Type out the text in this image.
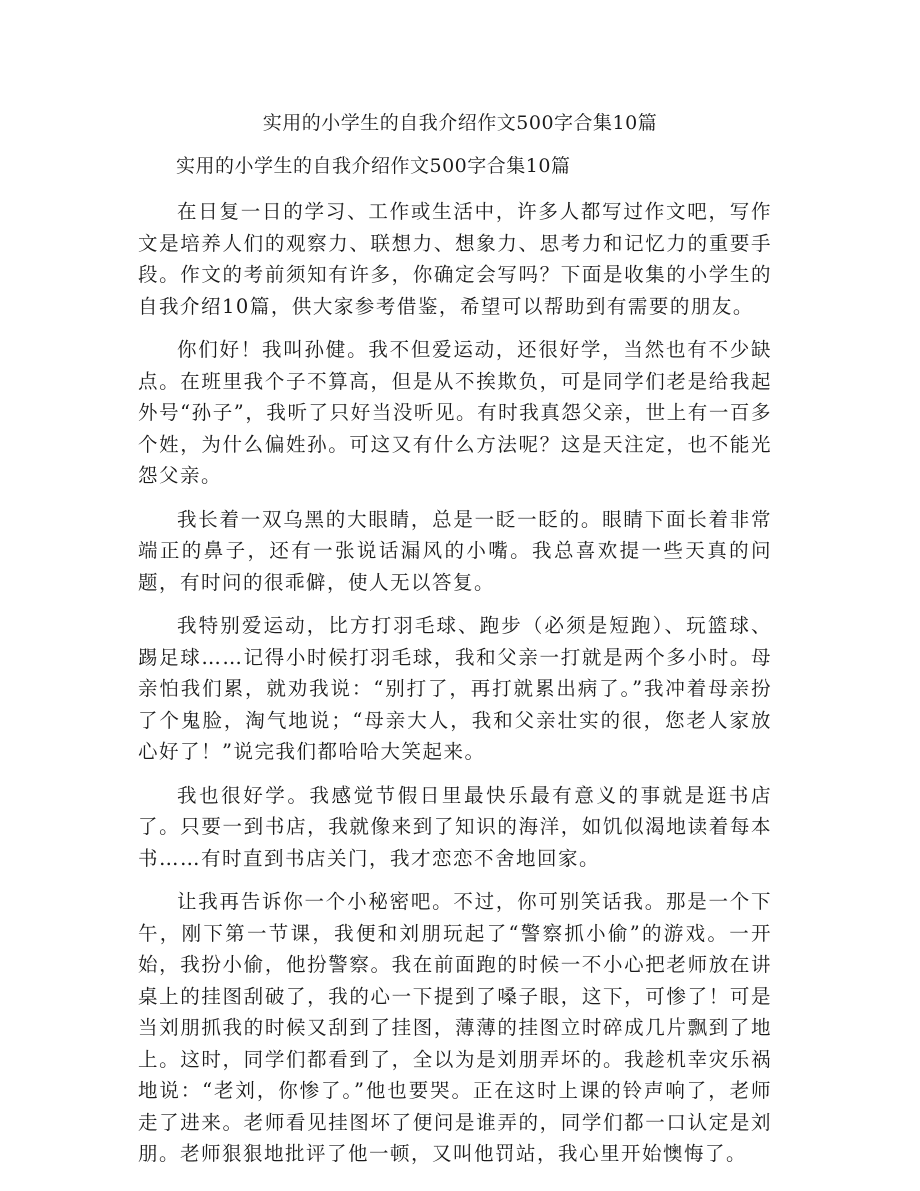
实用的小学生的自我介绍作文500字合集10篇

实用的小学生的自我介绍作文500字合集10篇

在日复一日的学习、工作或生活中，许多人都写过作文吧，写作文是培养人们的观察力、联想力、想象力、思考力和记忆力的重要手段。作文的考前须知有许多，你确定会写吗？下面是收集的小学生的自我介绍10篇，供大家参考借鉴，希望可以帮助到有需要的朋友。

你们好！我叫孙健。我不但爱运动，还很好学，当然也有不少缺点。在班里我个子不算高，但是从不挨欺负，可是同学们老是给我起外号“孙子”，我听了只好当没听见。有时我真怨父亲，世上有一百多个姓，为什么偏姓孙。可这又有什么方法呢？这是天注定，也不能光怨父亲。

我长着一双乌黑的大眼睛，总是一眨一眨的。眼睛下面长着非常端正的鼻子，还有一张说话漏风的小嘴。我总喜欢提一些天真的问题，有时问的很乖僻，使人无以答复。

我特别爱运动，比方打羽毛球、跑步（必须是短跑）、玩篮球、踢足球……记得小时候打羽毛球，我和父亲一打就是两个多小时。母亲怕我们累，就劝我说：“别打了，再打就累出病了。”我冲着母亲扮了个鬼脸，淘气地说；“母亲大人，我和父亲壮实的很，您老人家放心好了！”说完我们都哈哈大笑起来。

我也很好学。我感觉节假日里最快乐最有意义的事就是逛书店了。只要一到书店，我就像来到了知识的海洋，如饥似渴地读着每本书……有时直到书店关门，我才恋恋不舍地回家。

让我再告诉你一个小秘密吧。不过，你可别笑话我。那是一个下午，刚下第一节课，我便和刘朋玩起了“警察抓小偷”的游戏。一开始，我扮小偷，他扮警察。我在前面跑的时候一不小心把老师放在讲桌上的挂图刮破了，我的心一下提到了嗓子眼，这下，可惨了！可是当刘朋抓我的时候又刮到了挂图，薄薄的挂图立时碎成几片飘到了地上。这时，同学们都看到了，全以为是刘朋弄坏的。我趁机幸灾乐祸地说：“老刘，你惨了。”他也要哭。正在这时上课的铃声响了，老师走了进来。老师看见挂图坏了便问是谁弄的，同学们都一口认定是刘朋。老师狠狠地批评了他一顿，又叫他罚站，我心里开始懊悔了。
